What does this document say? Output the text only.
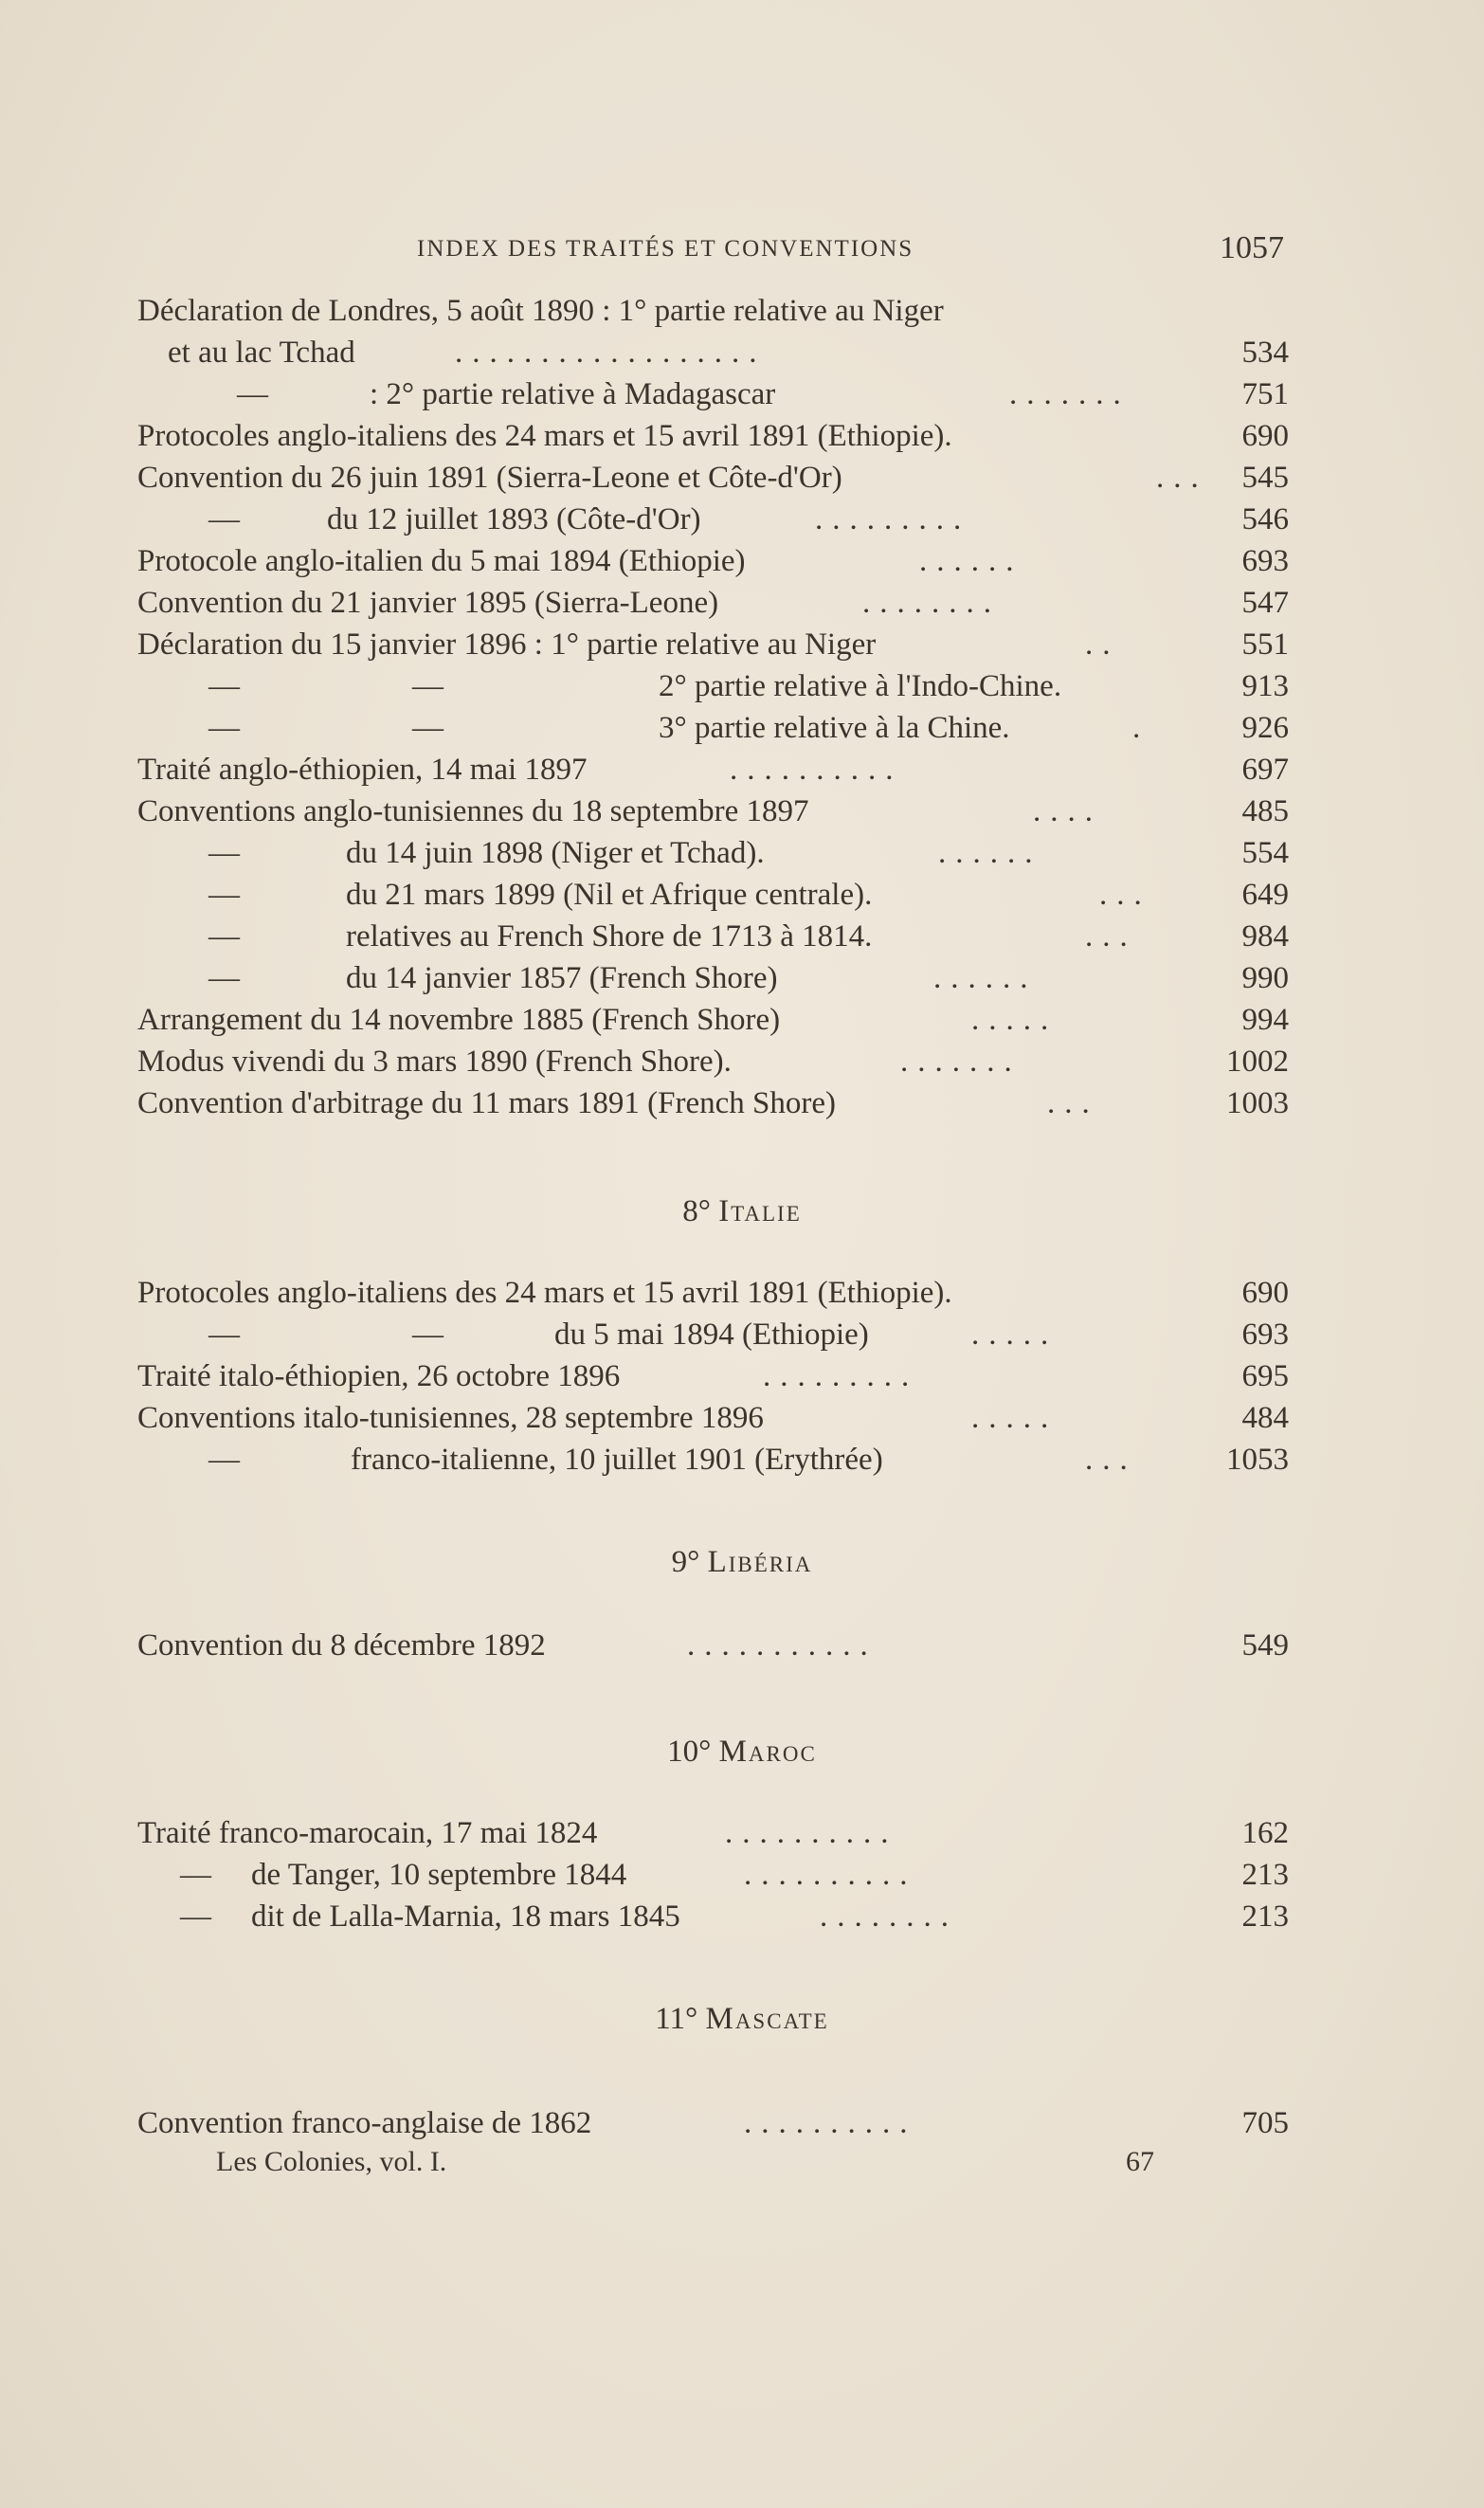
INDEX DES TRAITÉS ET CONVENTIONS	1057
Déclaration de Londres, 5 août 1890 : 1° partie relative au Niger
et au lac Tchad	..................	534
—	: 2° partie relative à Madagascar	.......	751
Protocoles anglo-italiens des 24 mars et 15 avril 1891 (Ethiopie).	690
Convention du 26 juin 1891 (Sierra-Leone et Côte-d'Or)	... 545
—	du 12 juillet 1893 (Côte-d'Or)	.........	546
Protocole anglo-italien du 5 mai 1894 (Ethiopie)	......	693
Convention du 21 janvier 1895 (Sierra-Leone)	........	547
Déclaration du 15 janvier 1896 : 1° partie relative au Niger	..	551
—	—	2° partie relative à l'Indo-Chine.	913
—	—	3° partie relative à la Chine.	.	926
Traité anglo-éthiopien, 14 mai 1897	..........	697
Conventions anglo-tunisiennes du 18 septembre 1897	....	485
—	du 14 juin 1898 (Niger et Tchad).	......	554
—	du 21 mars 1899 (Nil et Afrique centrale).	...	649
—	relatives au French Shore de 1713 à 1814.	...	984
—	du 14 janvier 1857 (French Shore)	......	990
Arrangement du 14 novembre 1885 (French Shore)	.....	994
Modus vivendi du 3 mars 1890 (French Shore).	.......	1002
Convention d'arbitrage du 11 mars 1891 (French Shore)	...	1003
8° Italie
Protocoles anglo-italiens des 24 mars et 15 avril 1891 (Ethiopie).	690
—	—	du 5 mai 1894 (Ethiopie)	.....	693
Traité italo-éthiopien, 26 octobre 1896	.........	695
Conventions italo-tunisiennes, 28 septembre 1896	.....	484
—	franco-italienne, 10 juillet 1901 (Erythrée)	...	1053
9° Libéria
Convention du 8 décembre 1892	...........	549
10° Maroc
Traité franco-marocain, 17 mai 1824	..........	162
— de Tanger, 10 septembre 1844	..........	213
— dit de Lalla-Marnia, 18 mars 1845	........	213
11° Mascate
Convention franco-anglaise de 1862	..........	705
Les Colonies, vol. I.	67
